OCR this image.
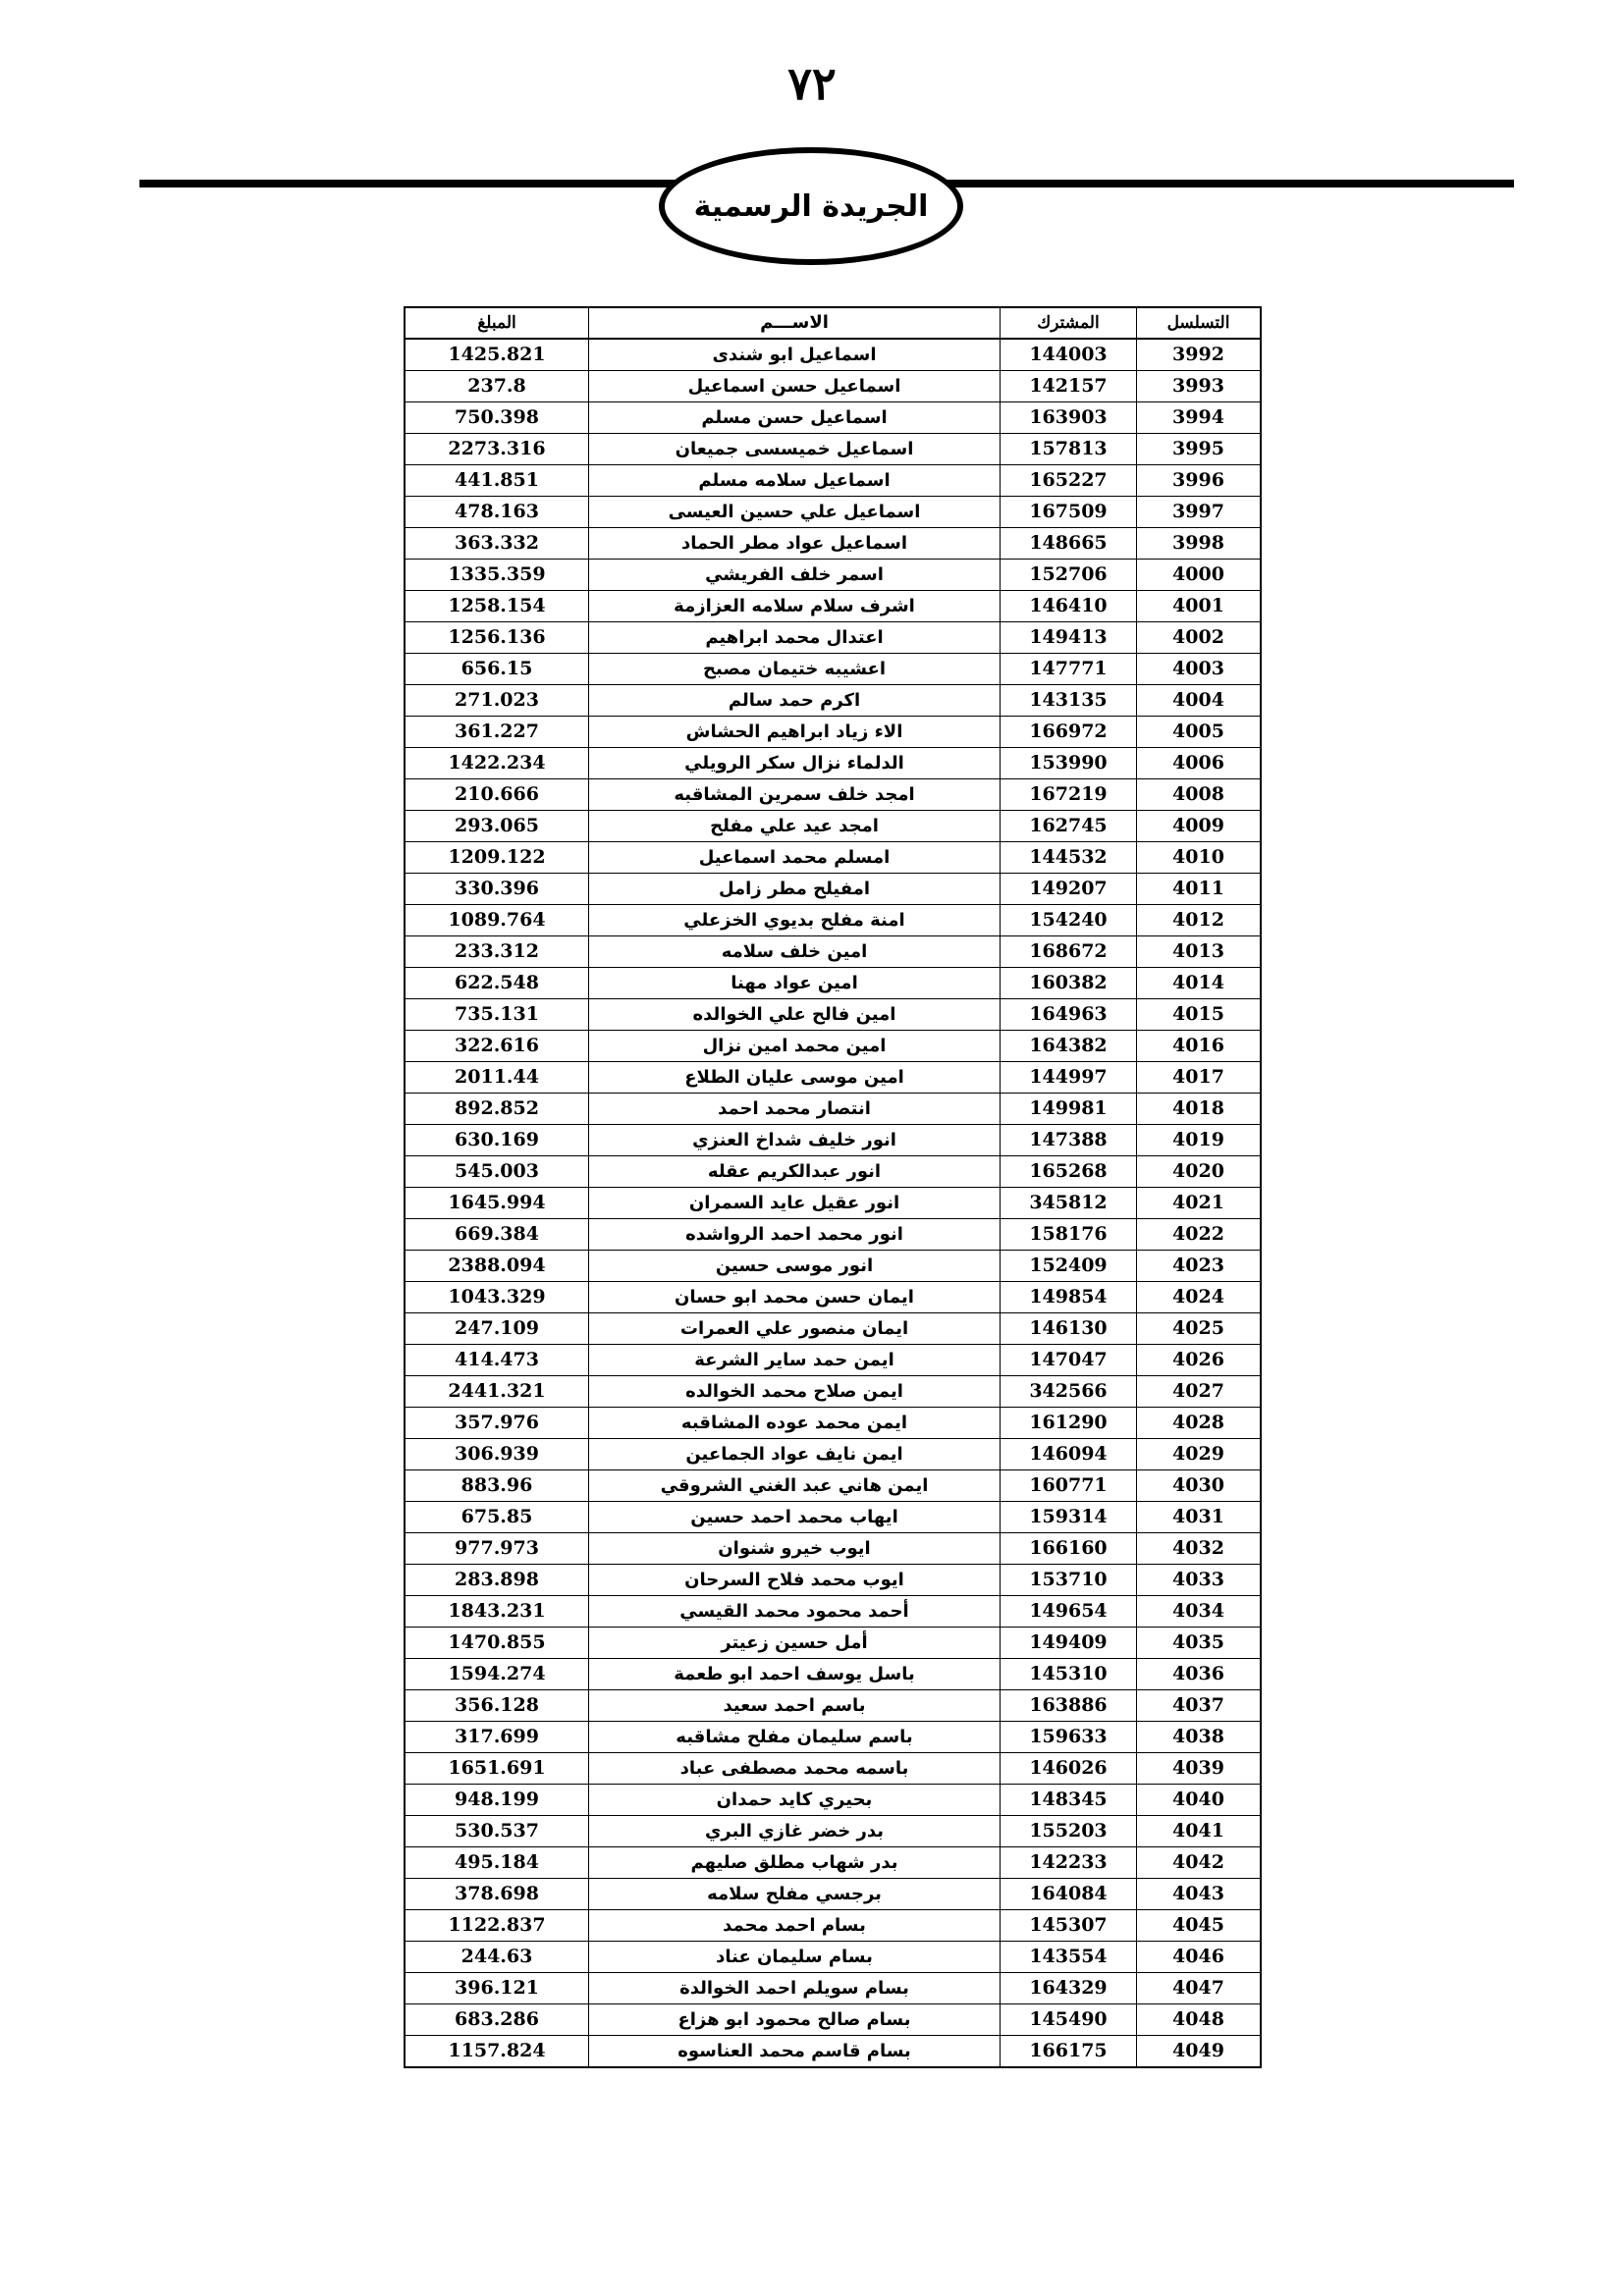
٧٢
الجريدة الرسمية
التسلسل	المشترك	الاســـم	المبلغ
3992	144003	اسماعيل ابو شندى	1425.821
3993	142157	اسماعيل حسن اسماعيل	237.8
3994	163903	اسماعيل حسن مسلم	750.398
3995	157813	اسماعيل خميسسى جميعان	2273.316
3996	165227	اسماعيل سلامه مسلم	441.851
3997	167509	اسماعيل علي حسين العيسى	478.163
3998	148665	اسماعيل عواد مطر الحماد	363.332
4000	152706	اسمر خلف الفريشي	1335.359
4001	146410	اشرف سلام سلامه العزازمة	1258.154
4002	149413	اعتدال محمد ابراهيم	1256.136
4003	147771	اعشيبه ختيمان مصبح	656.15
4004	143135	اكرم حمد سالم	271.023
4005	166972	الاء زياد ابراهيم الحشاش	361.227
4006	153990	الدلماء نزال سكر الرويلي	1422.234
4008	167219	امجد خلف سمرين المشاقبه	210.666
4009	162745	امجد عيد علي مفلح	293.065
4010	144532	امسلم محمد اسماعيل	1209.122
4011	149207	امفيلح مطر زامل	330.396
4012	154240	امنة مفلح بديوي الخزعلي	1089.764
4013	168672	امين خلف سلامه	233.312
4014	160382	امين عواد مهنا	622.548
4015	164963	امين فالح علي الخوالده	735.131
4016	164382	امين محمد امين نزال	322.616
4017	144997	امين موسى عليان الطلاع	2011.44
4018	149981	انتصار محمد احمد	892.852
4019	147388	انور خليف شداخ العنزي	630.169
4020	165268	انور عبدالكريم عقله	545.003
4021	345812	انور عقيل عايد السمران	1645.994
4022	158176	انور محمد احمد الرواشده	669.384
4023	152409	انور موسى حسين	2388.094
4024	149854	ايمان حسن محمد ابو حسان	1043.329
4025	146130	ايمان منصور علي العمرات	247.109
4026	147047	ايمن حمد ساير الشرعة	414.473
4027	342566	ايمن صلاح محمد الخوالده	2441.321
4028	161290	ايمن محمد عوده المشاقبه	357.976
4029	146094	ايمن نايف عواد الجماعين	306.939
4030	160771	ايمن هاني عبد الغني الشروقي	883.96
4031	159314	ايهاب محمد احمد حسين	675.85
4032	166160	ايوب خيرو شنوان	977.973
4033	153710	ايوب محمد فلاح السرحان	283.898
4034	149654	أحمد محمود محمد القيسي	1843.231
4035	149409	أمل حسين زعيتر	1470.855
4036	145310	باسل يوسف احمد ابو طعمة	1594.274
4037	163886	باسم احمد سعيد	356.128
4038	159633	باسم سليمان مفلح مشاقبه	317.699
4039	146026	باسمه محمد مصطفى عباد	1651.691
4040	148345	بحيري كايد حمدان	948.199
4041	155203	بدر خضر غازي البري	530.537
4042	142233	بدر شهاب مطلق صليهم	495.184
4043	164084	برجسي مفلح سلامه	378.698
4045	145307	بسام احمد محمد	1122.837
4046	143554	بسام سليمان عناد	244.63
4047	164329	بسام سويلم احمد الخوالدة	396.121
4048	145490	بسام صالح محمود ابو هزاع	683.286
4049	166175	بسام قاسم محمد العناسوه	1157.824
